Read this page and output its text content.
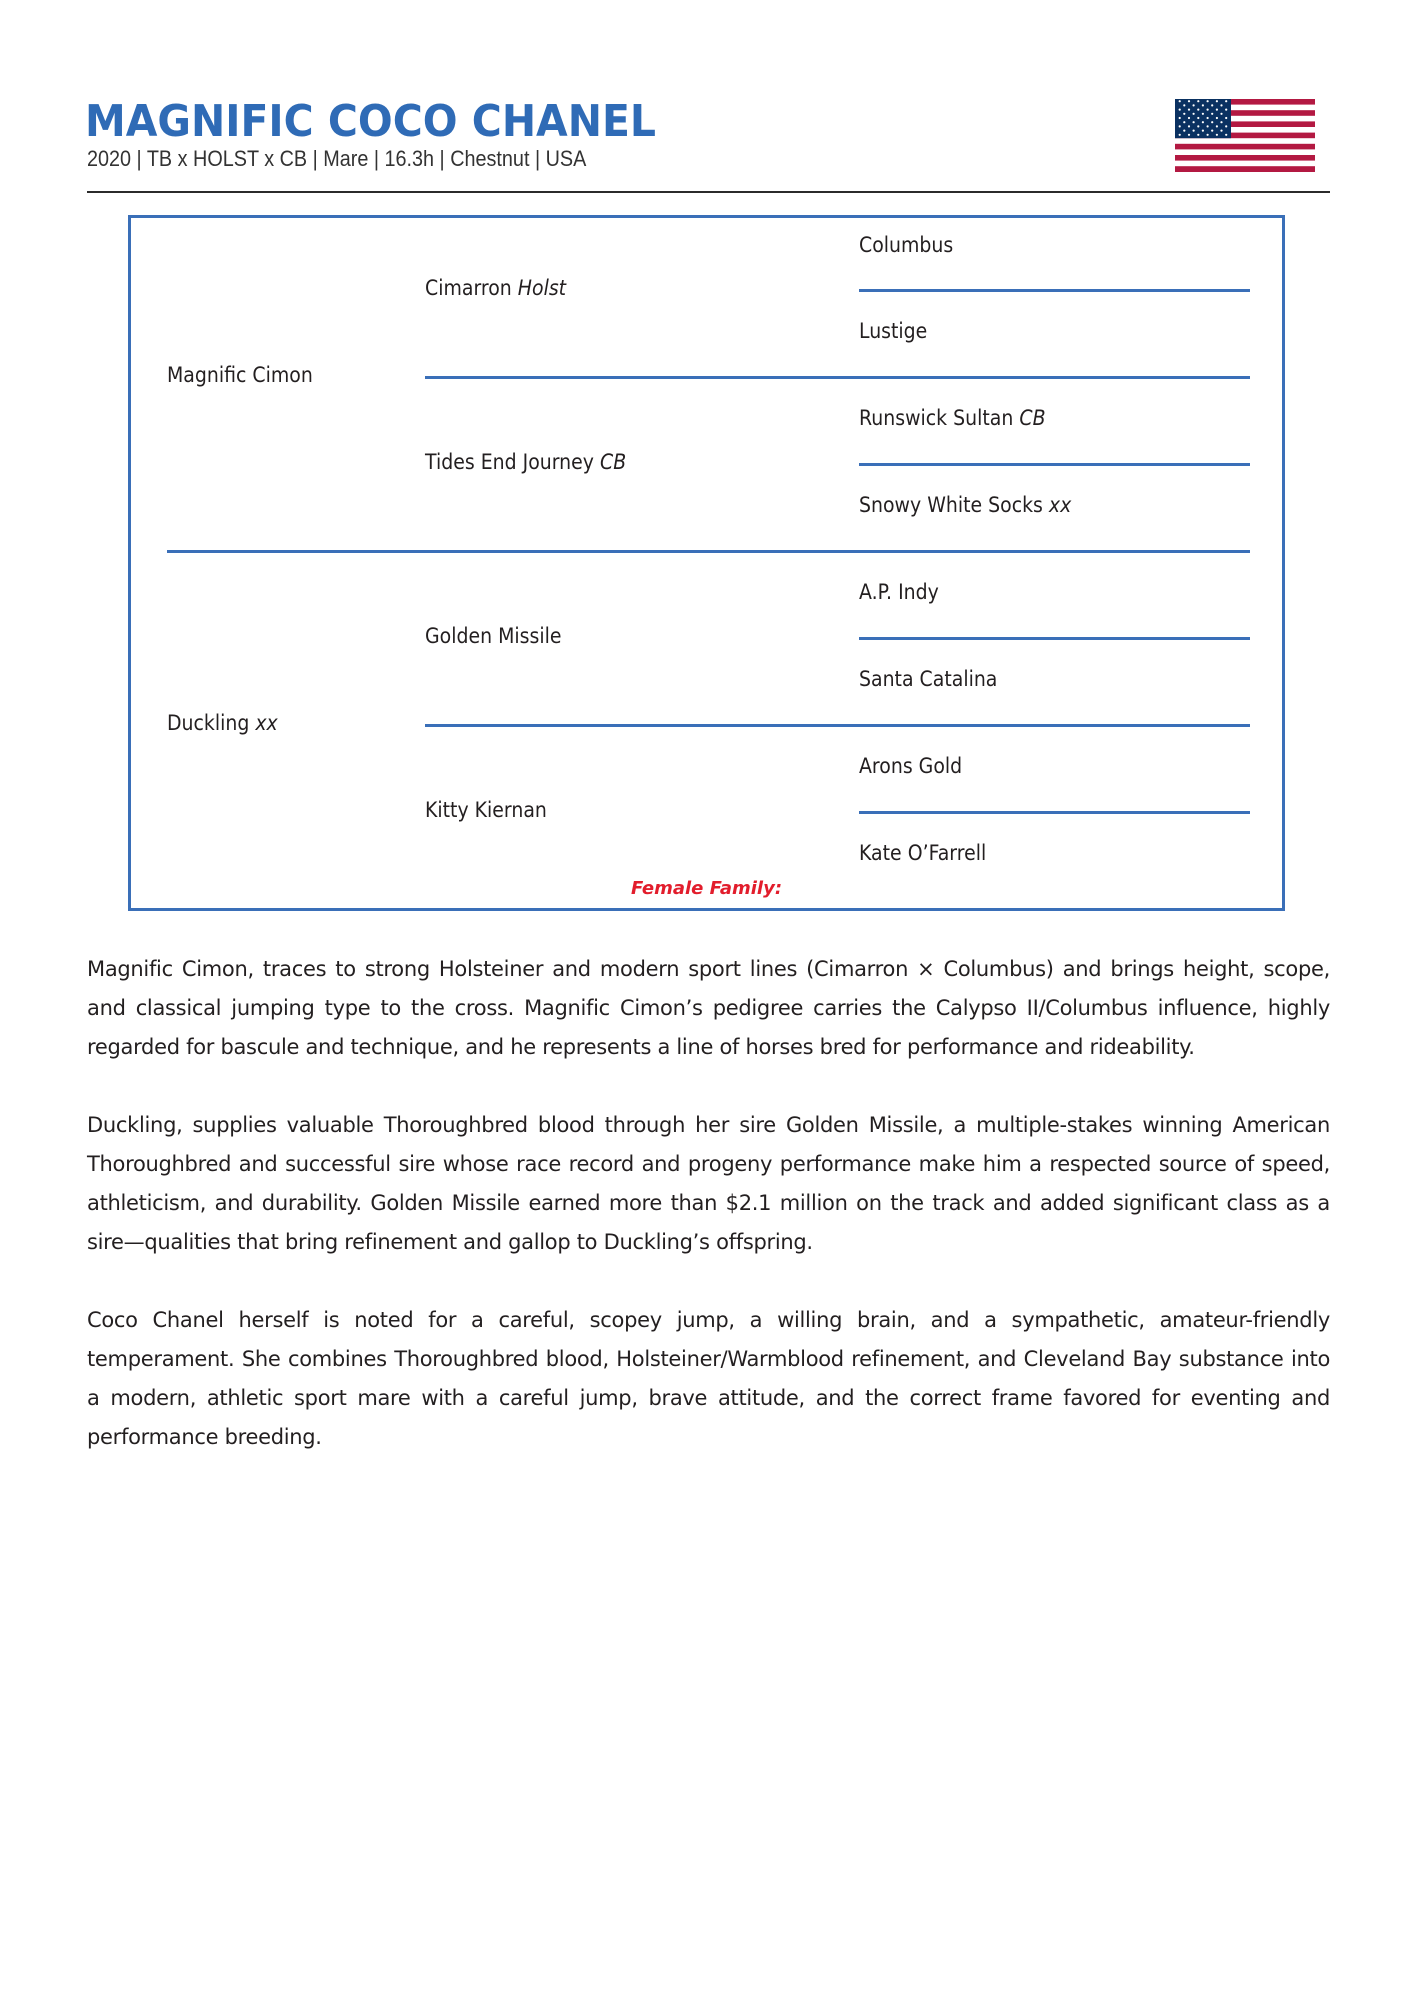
MAGNIFIC COCO CHANEL

2020 | TB x HOLST x CB | Mare | 16.3h | Chestnut | USA

Magnific Cimon
Duckling xx
Cimarron Holst
Tides End Journey CB
Golden Missile
Kitty Kiernan
Columbus
Lustige
Runswick Sultan CB
Snowy White Socks xx
A.P. Indy
Santa Catalina
Arons Gold
Kate O’Farrell
Female Family:

Magnific Cimon, traces to strong Holsteiner and modern sport lines (Cimarron × Columbus) and brings height, scope, and classical jumping type to the cross. Magnific Cimon’s pedigree carries the Calypso II/Columbus influence, highly regarded for bascule and technique, and he represents a line of horses bred for performance and rideability.

Duckling, supplies valuable Thoroughbred blood through her sire Golden Missile, a multiple-stakes winning American Thoroughbred and successful sire whose race record and progeny performance make him a respected source of speed, athleticism, and durability. Golden Missile earned more than $2.1 million on the track and added significant class as a sire—qualities that bring refinement and gallop to Duckling’s offspring.

Coco Chanel herself is noted for a careful, scopey jump, a willing brain, and a sympathetic, amateur-friendly temperament. She combines Thoroughbred blood, Holsteiner/Warmblood refinement, and Cleveland Bay substance into a modern, athletic sport mare with a careful jump, brave attitude, and the correct frame favored for eventing and performance breeding.
